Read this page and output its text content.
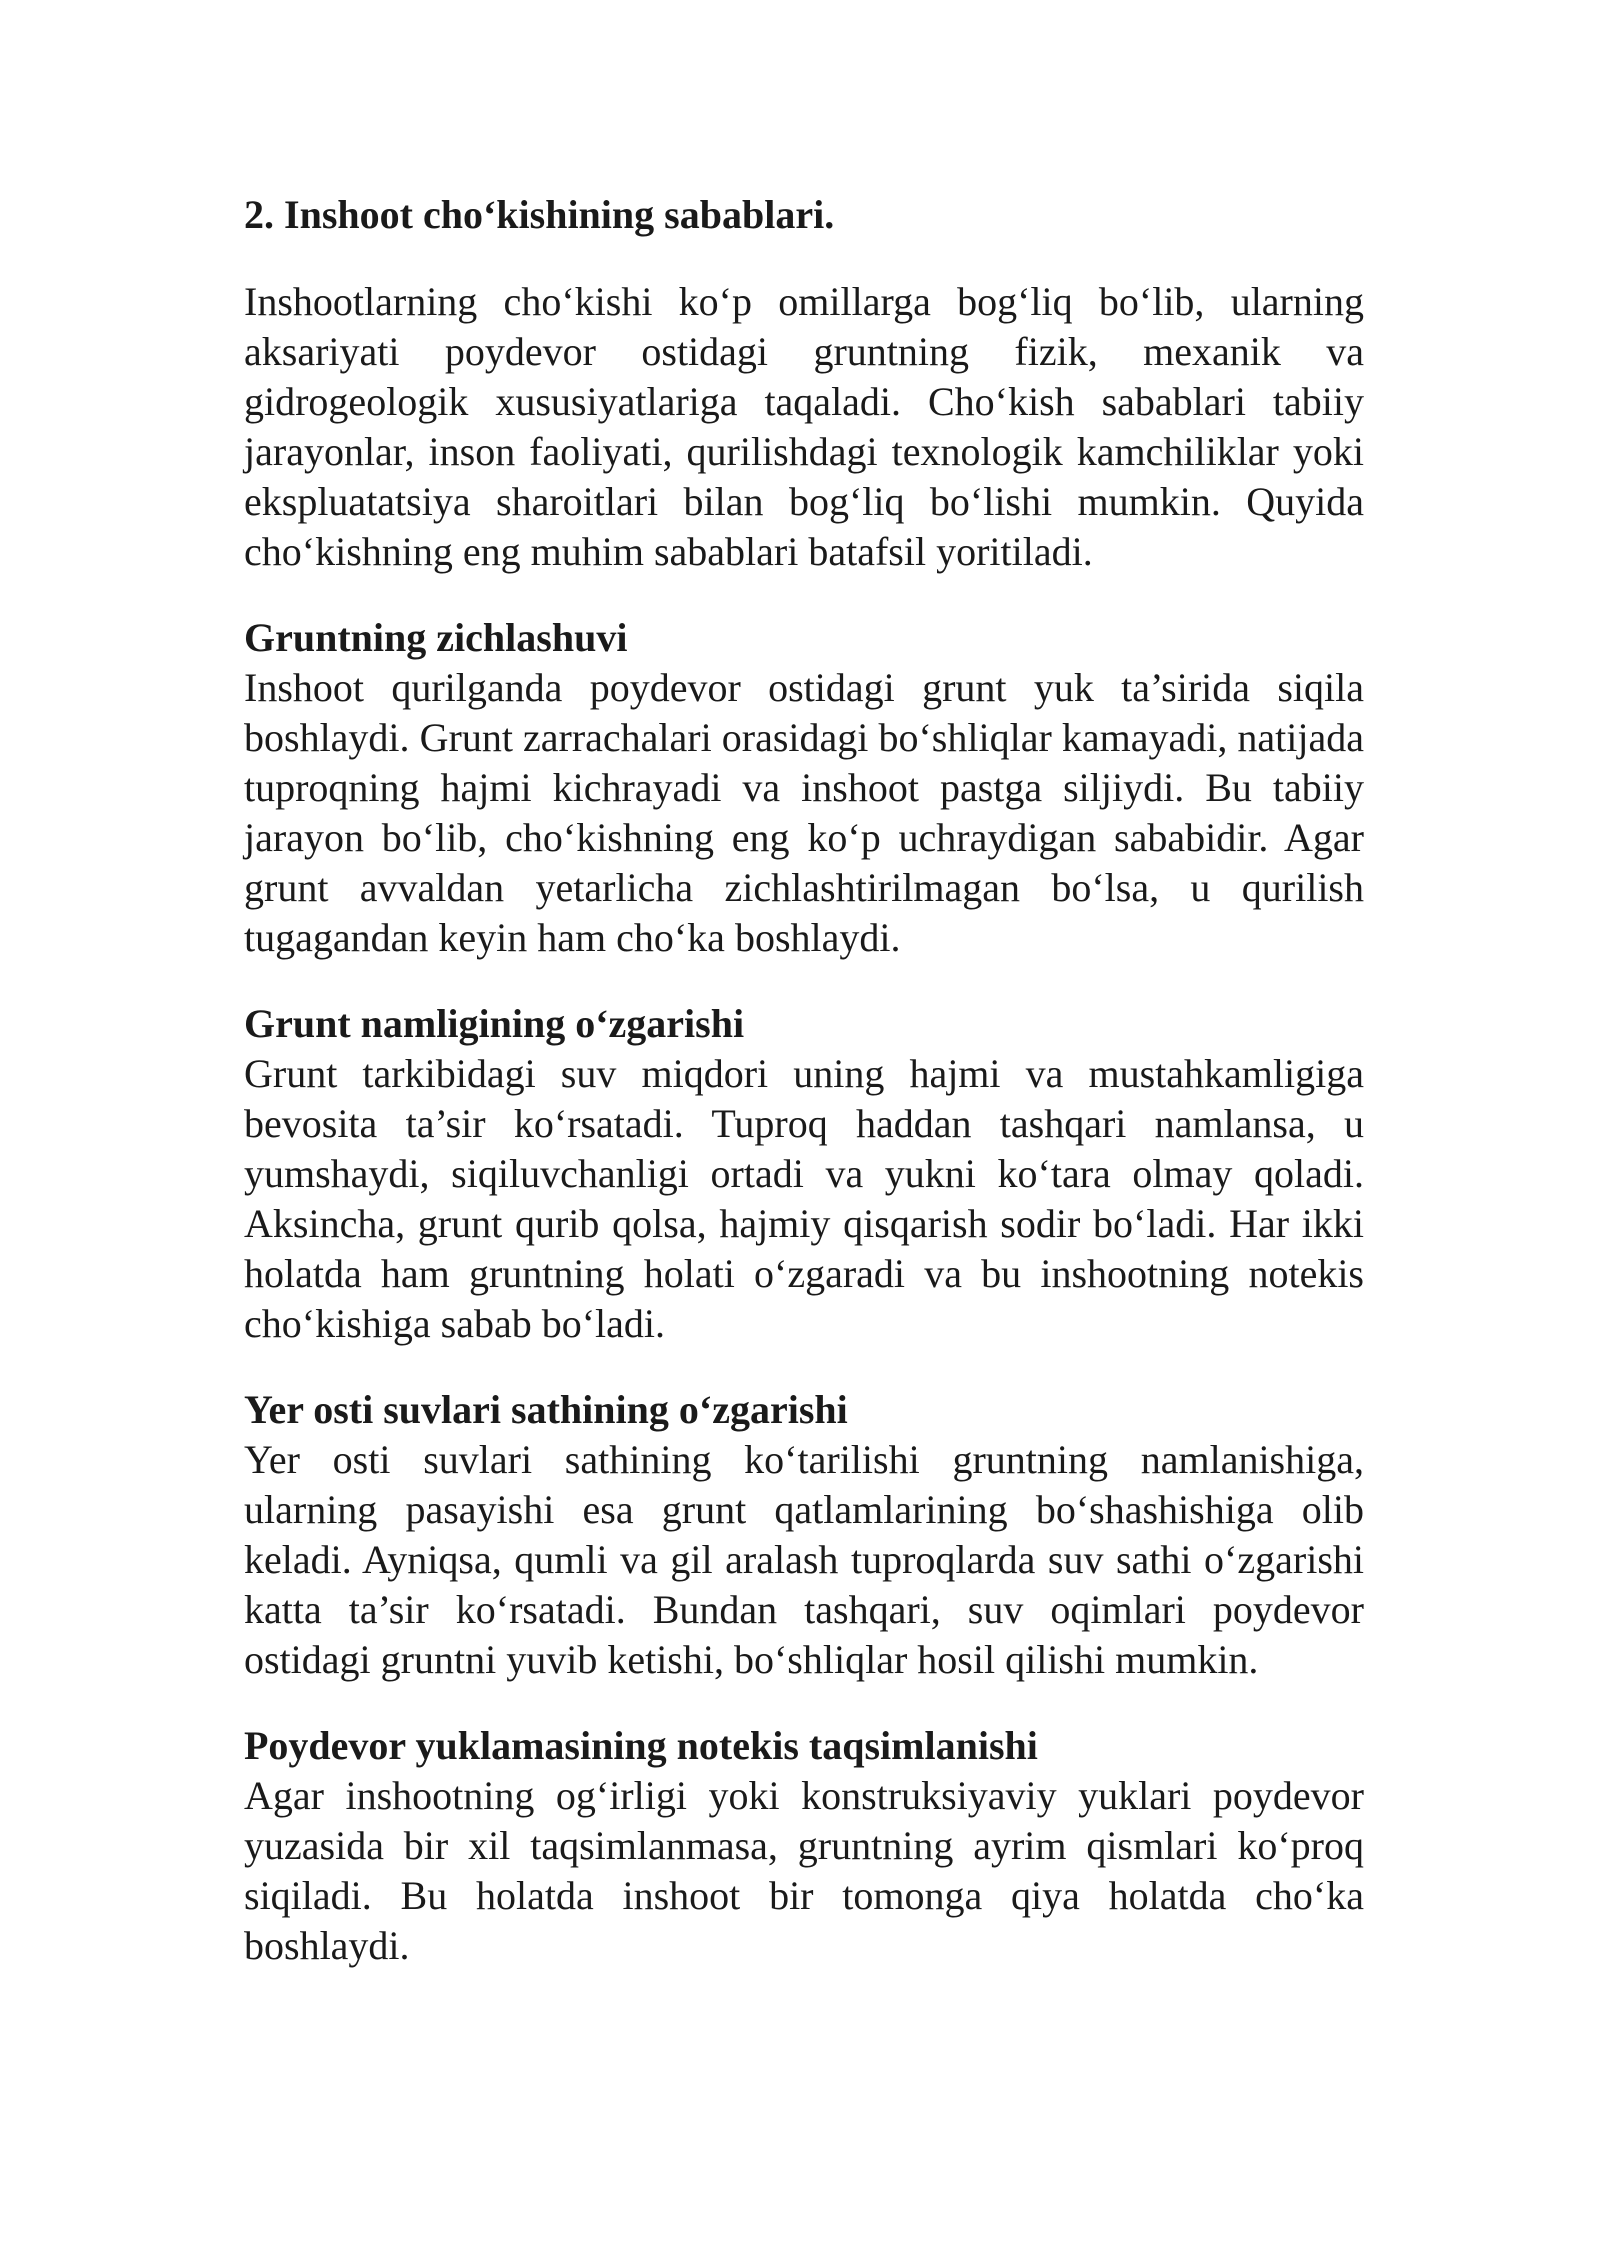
2. Inshoot cho‘kishining sabablari.

Inshootlarning cho‘kishi ko‘p omillarga bog‘liq bo‘lib, ularning aksariyati poydevor ostidagi gruntning fizik, mexanik va gidrogeologik xususiyatlariga taqaladi. Cho‘kish sabablari tabiiy jarayonlar, inson faoliyati, qurilishdagi texnologik kamchiliklar yoki ekspluatatsiya sharoitlari bilan bog‘liq bo‘lishi mumkin. Quyida cho‘kishning eng muhim sabablari batafsil yoritiladi.

Gruntning zichlashuvi

Inshoot qurilganda poydevor ostidagi grunt yuk ta’sirida siqila boshlaydi. Grunt zarrachalari orasidagi bo‘shliqlar kamayadi, natijada tuproqning hajmi kichrayadi va inshoot pastga siljiydi. Bu tabiiy jarayon bo‘lib, cho‘kishning eng ko‘p uchraydigan sababidir. Agar grunt avvaldan yetarlicha zichlashtirilmagan bo‘lsa, u qurilish tugagandan keyin ham cho‘ka boshlaydi.

Grunt namligining o‘zgarishi

Grunt tarkibidagi suv miqdori uning hajmi va mustahkamligiga bevosita ta’sir ko‘rsatadi. Tuproq haddan tashqari namlansa, u yumshaydi, siqiluvchanligi ortadi va yukni ko‘tara olmay qoladi. Aksincha, grunt qurib qolsa, hajmiy qisqarish sodir bo‘ladi. Har ikki holatda ham gruntning holati o‘zgaradi va bu inshootning notekis cho‘kishiga sabab bo‘ladi.

Yer osti suvlari sathining o‘zgarishi

Yer osti suvlari sathining ko‘tarilishi gruntning namlanishiga, ularning pasayishi esa grunt qatlamlarining bo‘shashishiga olib keladi. Ayniqsa, qumli va gil aralash tuproqlarda suv sathi o‘zgarishi katta ta’sir ko‘rsatadi. Bundan tashqari, suv oqimlari poydevor ostidagi gruntni yuvib ketishi, bo‘shliqlar hosil qilishi mumkin.

Poydevor yuklamasining notekis taqsimlanishi

Agar inshootning og‘irligi yoki konstruksiyaviy yuklari poydevor yuzasida bir xil taqsimlanmasa, gruntning ayrim qismlari ko‘proq siqiladi. Bu holatda inshoot bir tomonga qiya holatda cho‘ka boshlaydi.
